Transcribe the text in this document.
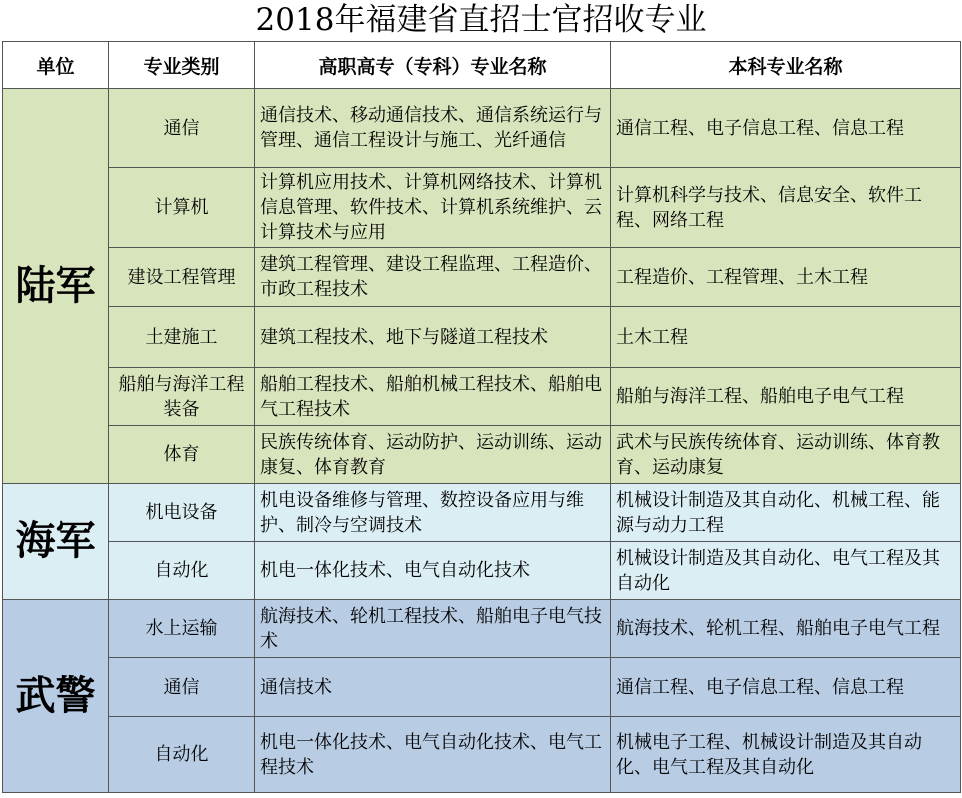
2018年福建省直招士官招收专业
单位	专业类别	高职高专（专科）专业名称	本科专业名称
陆军	通信	通信技术、移动通信技术、通信系统运行与管理、通信工程设计与施工、光纤通信	通信工程、电子信息工程、信息工程
	计算机	计算机应用技术、计算机网络技术、计算机信息管理、软件技术、计算机系统维护、云计算技术与应用	计算机科学与技术、信息安全、软件工程、网络工程
	建设工程管理	建筑工程管理、建设工程监理、工程造价、市政工程技术	工程造价、工程管理、土木工程
	土建施工	建筑工程技术、地下与隧道工程技术	土木工程
	船舶与海洋工程装备	船舶工程技术、船舶机械工程技术、船舶电气工程技术	船舶与海洋工程、船舶电子电气工程
	体育	民族传统体育、运动防护、运动训练、运动康复、体育教育	武术与民族传统体育、运动训练、体育教育、运动康复
海军	机电设备	机电设备维修与管理、数控设备应用与维护、制冷与空调技术	机械设计制造及其自动化、机械工程、能源与动力工程
	自动化	机电一体化技术、电气自动化技术	机械设计制造及其自动化、电气工程及其自动化
武警	水上运输	航海技术、轮机工程技术、船舶电子电气技术	航海技术、轮机工程、船舶电子电气工程
	通信	通信技术	通信工程、电子信息工程、信息工程
	自动化	机电一体化技术、电气自动化技术、电气工程技术	机械电子工程、机械设计制造及其自动化、电气工程及其自动化
